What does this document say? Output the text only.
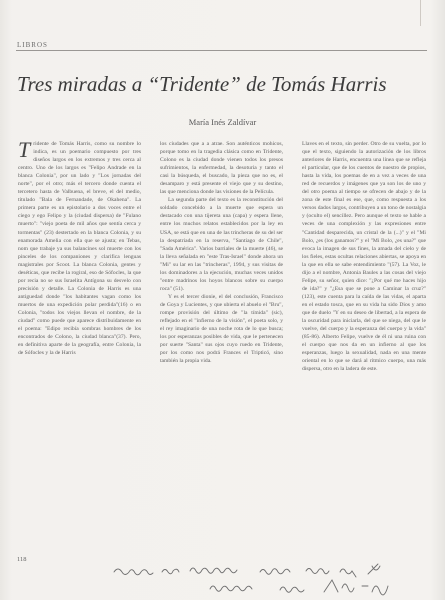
LIBROS
Tres miradas a “Tridente” de Tomás Harris
María Inés Zaldívar

Tridente de Tomás Harris, como su nombre lo indica, es un poemario compuesto por tres diseños largos en los extremos y tres cerca al centro. Uno de los largos es "Felipo Andrade en la blanca Colonia", por un lado y "Los jornadas del norte", por el otro; más el tercero donde cuenta el tercetero hasta de Valbuena, el breve, el del medio, titulado "Bala de Fernandade, de Okahena". La primera parte es un epistolario a dos voces entre el ciego y ego Felipo y la (ciudad dispersa) de "Fulano muerto": "viejo poeta de mil años que sentía cerca y tormentas" (23) destertado en la blanca Colonia, y su enamorada Amelia con ella que se ajusta; en Tebas, nom que trabaje ya sus balancines sol muerte con los pinceles de los companiones y clarifica lenguas magistrales por Scoot. La blanca Colonia, gentes y deséticas, que recibe la rogiral, eso de Sófocles, la que por recia no se sus Israelita Antígona su desvelo con precisión y detalle. La Colonia de Harris es una antiguedad donde "los habitantes vagan como los muertos de una expedición polar perdida"(16) o en Colonia, "todos los viejos llevan el nombre, de la ciudad" como puede que aparece distribuidamente en el poema: "Edipo recibía sombras hombres de los encontrados de Colono, la ciudad blanca"(37). Pero, en definitiva aparte de la geografía, entre Colonia, la de Sófocles y la de Harris

los ciudades que a a atrae. Son auténticos mohicos, porque tomo en la tragedia clásica como en Tridente, Colono es la ciudad donde vienen todos los presos sufrimientos, la enfermedad, la desoturia y tanto el casi la búsqueda, el buscado, la pieza que no es, el desamparo y está presente el viejo que y su destino, las que menciona donde las visiones de la Película.

La segunda parte del texto es la reconstitución del soldado concebido a la muerte que espera un destacado con una tijereta una (capa) y espera llene, entre los muchos relatos establecidos por la ley en USA, se está que en una de las trincheras de su del ser la despatriada en la reserva, "Santiago de Chile", "Sada América". Varios barriales de la muerte (46), se la lleva señalada en "este Tras-Israel" donde ahora un "Mi" su lar en las "trincheras", 1994, y sus visitas de los dominadores a la ejecución, muchas veces unidos "entre madrinos los hoyos blancos sobre su cuerpo roca" (51).

Y es el tercer dionie, el del conclusión, Francisco de Goya y Lucientes, y que ubierta el abuelo el "Bru", rompe provisión del último de "la tímida" (sic), reflejado en el "infierno de la visión", el poeta solo, y el rey imaginario de una noche rota de lo que busca; los por esperanzas posibles de vida, que le pertenecen por suerte "Santa" sus ojos cuyo ruedo en Tridente, por los como nos podrá Frances el Tripticó, sino también la propia vida.

Llaves en el texto, sin perder. Otro de su vuelta, por lo que el texto, siguiendo la autorización de los libros anteriores de Harris, encuentra una línea que se refleja el particular, que de los cuentos de nuestro de propios, hasta la vida, los poemas de en a vez a veces de una red de recuerdos y imágenes que ya son los de uno y del otro poema al tiempo se ofrecen de abajo y de la zona de este final es ese, que, como respuesta a los versos dados largos, contribuyen a un tono de nostalgia y (oculto el) sencillez. Pero aunque el texto se hable a veces de una complexión y las expresiones entre "Cantidad desparecida, un cristal de la (...)" y el "Mi Bolo, ¿es (los ganamos?" y el "Mi Bolo, ¿es una?" que evoca la imagen de sus fines, la amada del cielo y de los fieles, estas ocultas relaciones abiertas, se apoya en la que en ella se sabe entendimiento "(57). La Voz, le dijo a el nombre, Antonia Baules a las cosas del viejo Felipe, su señor, quien dice: "¿Por qué me haces hijo de ida?" y "¿Esa que se pone a Caminar la cruz?" (123), este cuenta para la caída de las vidas, el aparta en el estado tosca, que en su vida ha sido Dios y amo que de duelo "Y en su deseo de libertad, a la espera de la oscuridad para iniciarla, del que se niega, del que le vuelve, del cuerpo y la esperanza del cuerpo y la vida" (85-86). Alberto Felipe, vuelve de él ni una ruina con el cuerpo que nos da en un infierno al que los esperanzas, luego la sexualidad, nada en una mente oriental en lo que se dará al rítmico cuerpo, una más dispersa, otro en la ladera de este.

118
